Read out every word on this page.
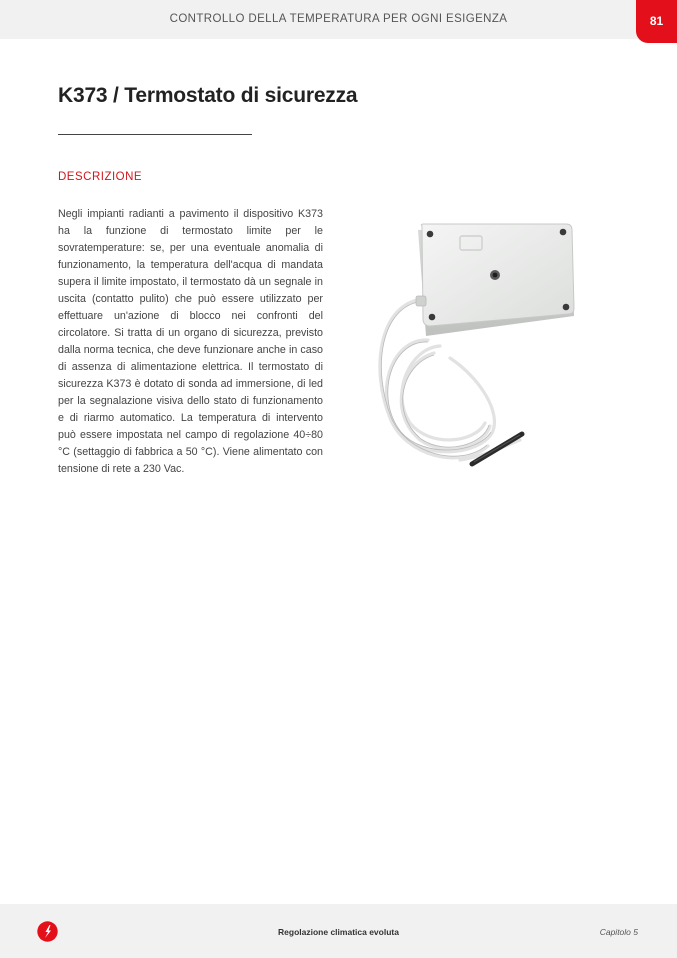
CONTROLLO DELLA TEMPERATURA PER OGNI ESIGENZA	81
K373 / Termostato di sicurezza
DESCRIZIONE

Negli impianti radianti a pavimento il dispositivo K373 ha la funzione di termostato limite per le sovratemperature: se, per una eventuale anomalia di funzionamento, la temperatura dell'acqua di mandata supera il limite impostato, il termostato dà un segnale in uscita (contatto pulito) che può essere utilizzato per effettuare un'azione di blocco nei confronti del circolatore. Si tratta di un organo di sicurezza, previsto dalla norma tecnica, che deve funzionare anche in caso di assenza di alimentazione elettrica. Il termostato di sicurezza K373 è dotato di sonda ad immersione, di led per la segnalazione visiva dello stato di funzionamento e di riarmo automatico. La temperatura di intervento può essere impostata nel campo di regolazione 40÷80 °C (settaggio di fabbrica a 50 °C). Viene alimentato con tensione di rete a 230 Vac.

Regolazione climatica evoluta	Capitolo 5
